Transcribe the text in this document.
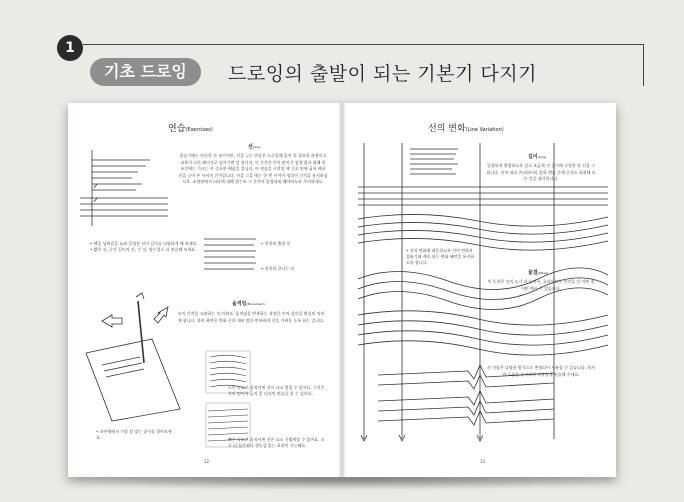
1
기초 드로잉	드로잉의 출발이 되는 기본기 다지기
연습(Exercises)
선(line)
몸놀기에는 단순한 듯 보이지만, 선을 긋는 연습은 드로잉에 있어 꼭 필요한 과정이고 교육이 다른 페이지로 넘어가면 앞 장사지, 이 순간은 손이 많이가 장점 없어 위해 한 조건에는 가고는 이 중요한 배움을 입니다. 이 연습을 시작할 때 기초 펀에 굽어 해서 선을 긋어 본 사이의 간격입니다. 선을 그을 때는 한 번 시이이 생각이 간격을 유지하십시오. 교향원에서 더라에 대해 접수록 그 간격이 일정하게 해야하도록 주의하세요.
• 펜을 넘버림을 늘려 일정한 선의 길이를 다양하게 해 보세요.
• 짧은 선, 중간 길이의 선, 긴 선, 양수결로 더 연습해 보세요.
→ 천천히 출발 선
→ 천천히 끝나는 선
움직임(Movement)
선의 간격을 고려하는 것 이외도, 움직임을 반복하는 과정은 손의 감각을 확실히 익히게 합니다. 과연 화면은 변화 중과 대비 많은 반복하며 선을 가벼운 도록 하는 겁니다.
• 파란색에서 가장 잘 맞는 종이를 찾아보세요.
느린 속도로 움직이면 선이 다소 떨림 수 있어요. 그것은 손이 떨어서 긁지 못 되지만 연습을 할 수 있어요.
빠른 속도로 움직이면 선은 다소 가볍게할 수 있어요. 모두 더 심주보다 생동감 있는 표현이 가능해요.
12
선의 변화(Line Variation)
길이(long)
일정하게 출렁하도록 설고 조금씩 선 길이에 고정한 한 선을 그립니다. 선의 따라 온라하이라 말하 엔돌 중에 중지도 표현해 모든 것을 생각합니다.
• 선의 변화에 대응하도록 선이 변하며 결화기와 계속 되는 변화 패턴을 유지하도록 합니다.
물결(Wave)
이 동작은 선의 도가 더 높아서, 흐리이므로 반전을 알 어떤 점 어떤 예시 수 있습니다.
선 전달은 다양한 방식으로 변형되어 사용할 수 있습니다. 하지만 흐름을 유지하며 자유롭게 연습해 주세요.
13
